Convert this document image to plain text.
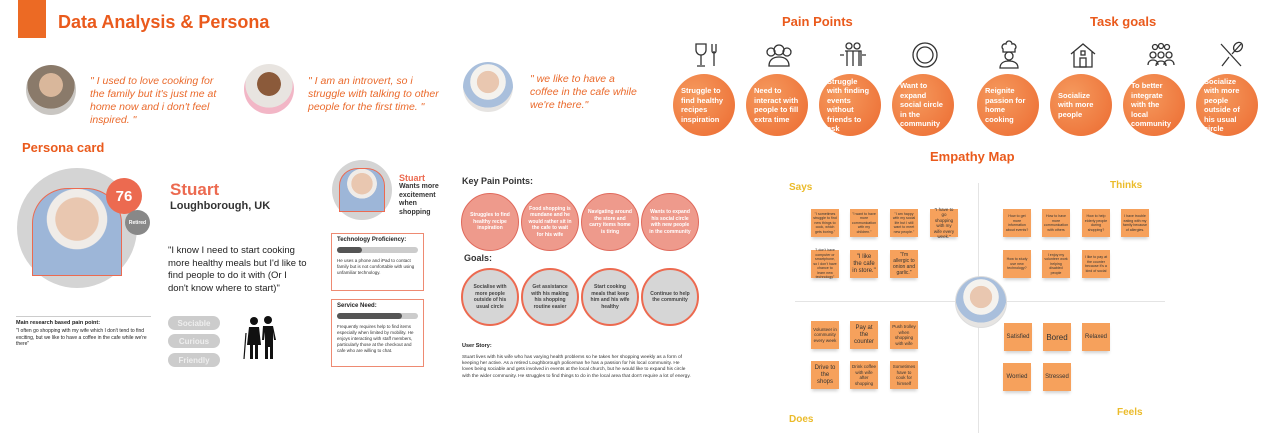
Data Analysis & Persona
" I used to love cooking for the family but it's just me at home now and i don't feel inspired. "
" I am an introvert, so i struggle with talking to other people for the first time. "
" we like to have a coffee in the cafe while we're there."
Persona card
76
Retired
Stuart
Loughborough, UK
"I know I need to start cooking more healthy meals but I'd like to find people to do it with (Or I don't know where to start)"
Main research based pain point:
"I often go shopping with my wife which I don't tend to find exciting, but we like to have a coffee in the cafe while we're there"
Sociable
Curious
Friendly
Stuart
Wants more excitement when shopping
Technology Proficiency:

He uses a phone and iPad to contact family but is not comfortable with using unfamiliar technology.

Service Need:

Frequently requires help to find items especially when limited by mobility. He enjoys interacting with staff members, particularly those at the checkout and cafe who are willing to chat.

Key Pain Points:
Struggles to find healthy recipe inspiration
Food shopping is mundane and he would rather sit in the cafe to wait for his wife
Navigating around the store and carry items home is tiring
Wants to expand his social circle with new people in the community
Goals:
Socialise with more people outside of his usual circle
Get assistance with his making his shopping routine easier
Start cooking meals that keep him and his wife healthy
Continue to help the community
User Story:
Stuart lives with his wife who has varying health problems so he takes her shopping weekly as a form of keeping her active. As a retired Loughborough policeman he has a passion for his local community. He loves being sociable and gets involved in events at the local church, but he would like to expand his circle with the wider community. He struggles to find things to do in the local area that don't require a lot of energy.
Pain Points
Struggle to find healthy recipes inspiration
Need to interact with people to fill extra time
Struggle with finding events without friends to ask
Want to expand social circle in the community
Task goals
Reignite passion for home cooking
Socialize with more people
To better integrate with the local community
Socialize with more people outside of his usual circle
Empathy Map
Says	Thinks
Does
Feels
"I sometimes struggle to find new things to cook, which gets boring."
"I want to have more communication with my children."
"I am happy with my social life but I still want to meet new people."
"I have to go shopping with my wife every week."
"I don't have computer or smartphone, so I don't have chance to learn new technology"
"I like the cafe in store."
"I'm allergic to onion and garlic."
How to get more information about events?
How to have more communication with others
How to help elderly people during shopping?
I have trouble eating with my family because of allergies.
How to study use new technology?
I enjoy my volunteer work helping disabled people
I like to pay at the counter because it's a kind of social
Volunteer in community every week
Pay at the counter
Push trolley when shopping with wife
Drive to the shops
Drink coffee with wife after shopping
Sometimes have to cook for himself
Satisfied	Bored	Relaxed
Worried	Stressed
